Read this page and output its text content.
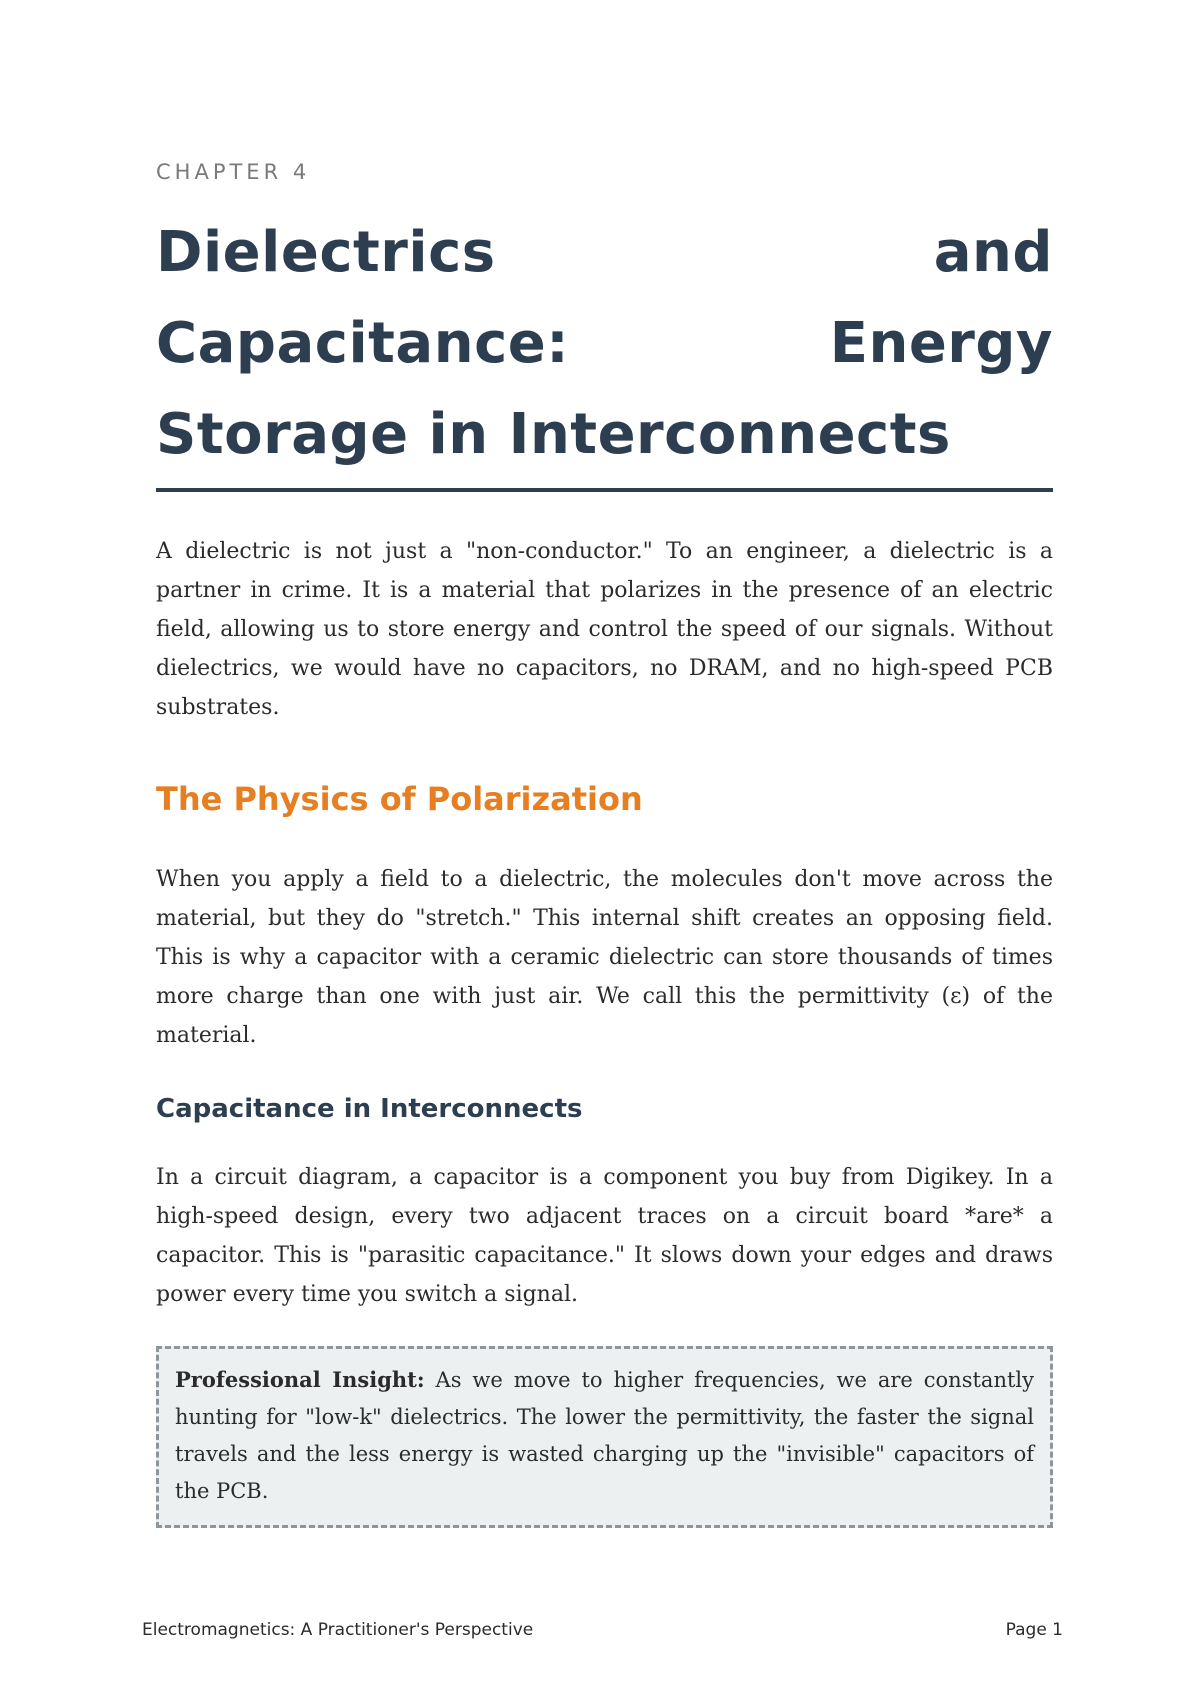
CHAPTER 4
Dielectrics and Capacitance: Energy Storage in Interconnects

A dielectric is not just a "non-conductor." To an engineer, a dielectric is a partner in crime. It is a material that polarizes in the presence of an electric field, allowing us to store energy and control the speed of our signals. Without dielectrics, we would have no capacitors, no DRAM, and no high-speed PCB substrates.

The Physics of Polarization

When you apply a field to a dielectric, the molecules don't move across the material, but they do "stretch." This internal shift creates an opposing field. This is why a capacitor with a ceramic dielectric can store thousands of times more charge than one with just air. We call this the permittivity (ε) of the material.

Capacitance in Interconnects

In a circuit diagram, a capacitor is a component you buy from Digikey. In a high-speed design, every two adjacent traces on a circuit board *are* a capacitor. This is "parasitic capacitance." It slows down your edges and draws power every time you switch a signal.

Professional Insight: As we move to higher frequencies, we are constantly hunting for "low-k" dielectrics. The lower the permittivity, the faster the signal travels and the less energy is wasted charging up the "invisible" capacitors of the PCB.

Electromagnetics: A Practitioner's Perspective	Page 1
